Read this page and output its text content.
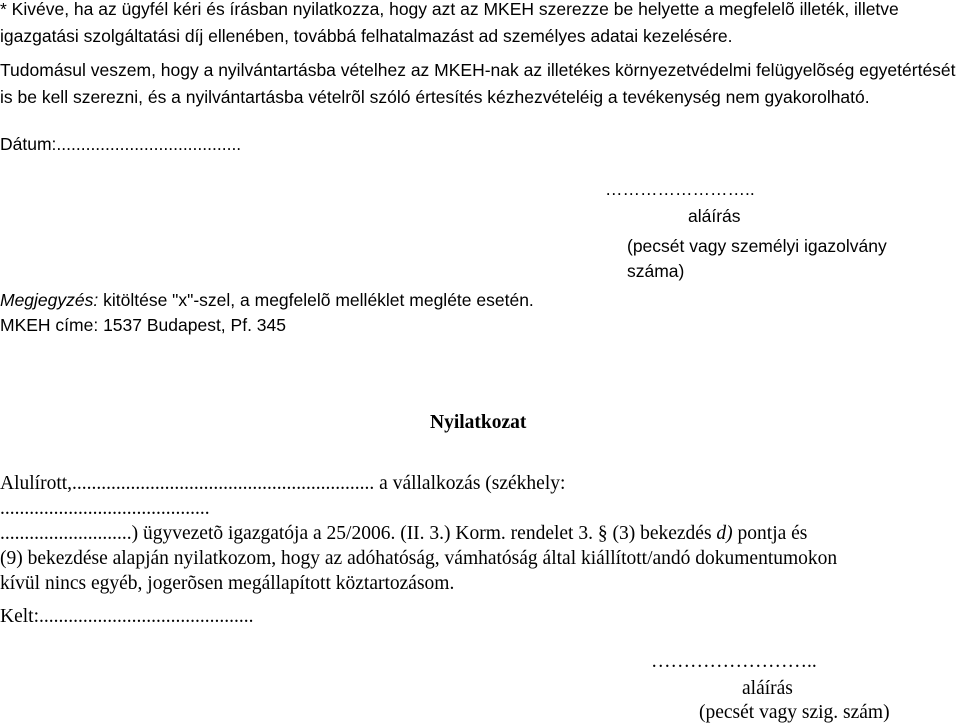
* Kivéve, ha az ügyfél kéri és írásban nyilatkozza, hogy azt az MKEH szerezze be helyette a megfelelõ illeték, illetve igazgatási szolgáltatási díj ellenében, továbbá felhatalmazást ad személyes adatai kezelésére.

Tudomásul veszem, hogy a nyilvántartásba vételhez az MKEH-nak az illetékes környezetvédelmi felügyelõség egyetértését is be kell szerezni, és a nyilvántartásba vételrõl szóló értesítés kézhezvételéig a tevékenység nem gyakorolható.

Dátum:......................................

……………………..
aláírás
(pecsét vagy személyi igazolvány
száma)
Megjegyzés: kitöltése "x"-szel, a megfelelõ melléklet megléte esetén.
MKEH címe: 1537 Budapest, Pf. 345
Nyilatkozat
Alulírott,.............................................................. a vállalkozás (székhely:
...........................................
...........................) ügyvezetõ igazgatója a 25/2006. (II. 3.) Korm. rendelet 3. § (3) bekezdés d) pontja és
(9) bekezdése alapján nyilatkozom, hogy az adóhatóság, vámhatóság által kiállított/andó dokumentumokon
kívül nincs egyéb, jogerõsen megállapított köztartozásom.
Kelt:............................................
……………………..
aláírás
(pecsét vagy szig. szám)
